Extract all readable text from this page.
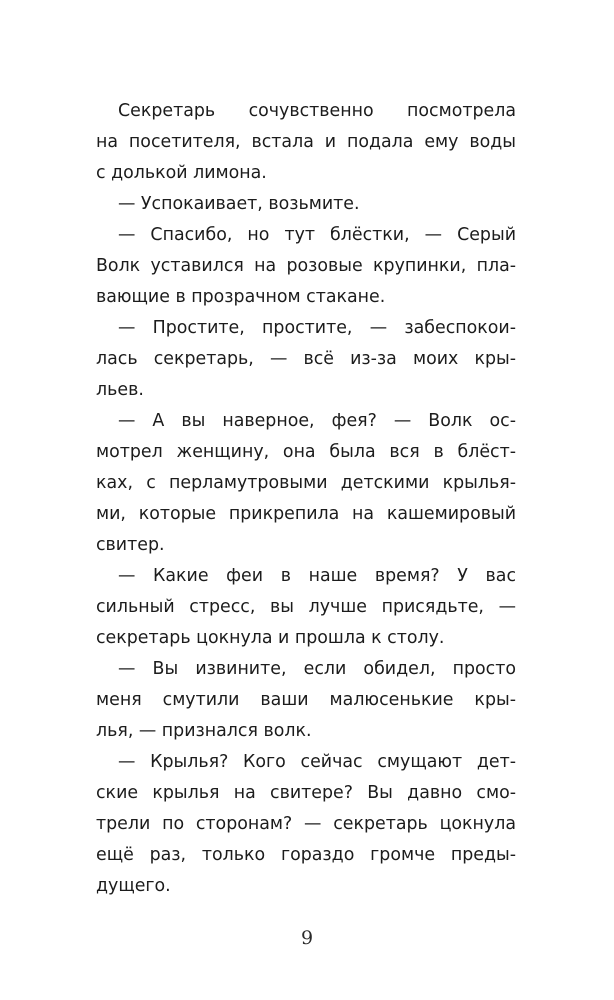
Секретарь сочувственно посмотрела
на посетителя, встала и подала ему воды
с долькой лимона.
— Успокаивает, возьмите.
— Спасибо, но тут блёстки, — Серый
Волк уставился на розовые крупинки, пла-
вающие в прозрачном стакане.
— Простите, простите, — забеспокои-
лась секретарь, — всё из-за моих кры-
льев.
— А вы наверное, фея? — Волк ос-
мотрел женщину, она была вся в блёст-
ках, с перламутровыми детскими крылья-
ми, которые прикрепила на кашемировый
свитер.
— Какие феи в наше время? У вас
сильный стресс, вы лучше присядьте, —
секретарь цокнула и прошла к столу.
— Вы извините, если обидел, просто
меня смутили ваши малюсенькие кры-
лья, — признался волк.
— Крылья? Кого сейчас смущают дет-
ские крылья на свитере? Вы давно смо-
трели по сторонам? — секретарь цокнула
ещё раз, только гораздо громче преды-
дущего.
9
